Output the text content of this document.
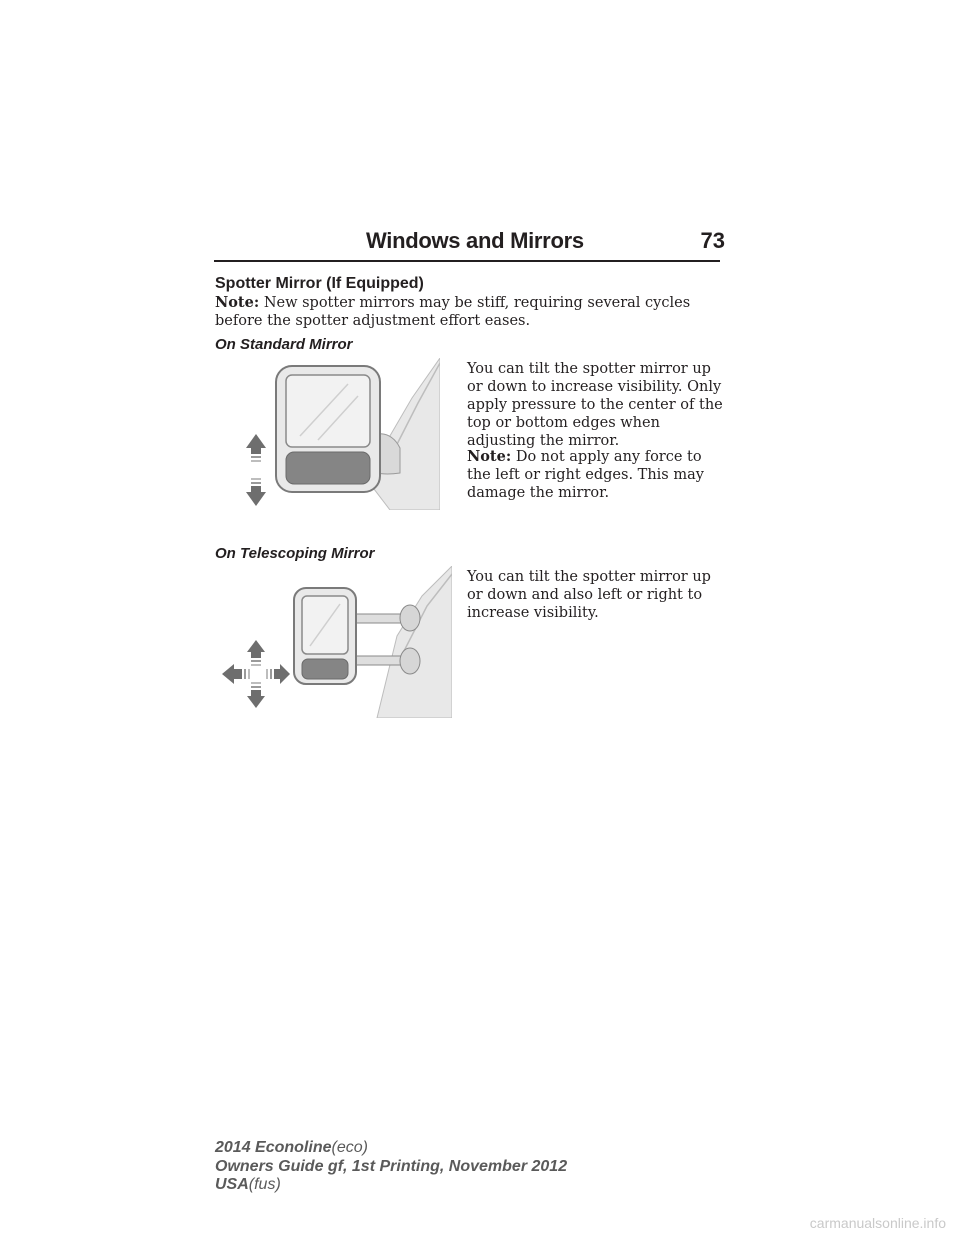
Windows and Mirrors	73
Spotter Mirror (If Equipped)
Note: New spotter mirrors may be stiff, requiring several cycles before the spotter adjustment effort eases.
On Standard Mirror
You can tilt the spotter mirror up or down to increase visibility. Only apply pressure to the center of the top or bottom edges when adjusting the mirror.
Note: Do not apply any force to the left or right edges. This may damage the mirror.
On Telescoping Mirror
You can tilt the spotter mirror up or down and also left or right to increase visibility.
2014 Econoline(eco)
Owners Guide gf, 1st Printing, November 2012
USA(fus)
carmanualsonline.info
